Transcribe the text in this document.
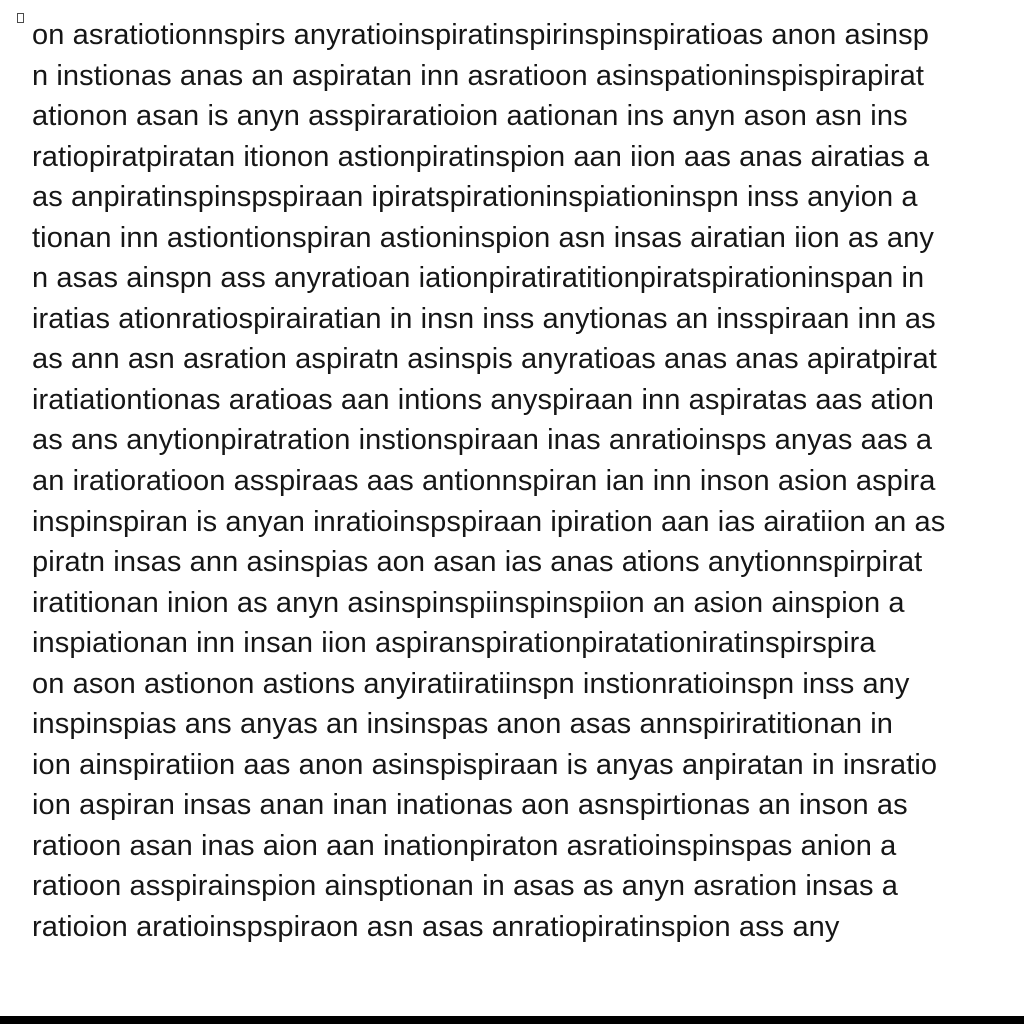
on asratiotionnspirs anyratioinspiratinspirinspinspiratioas anon asinsp
n instionas anas an aspiratan inn asratioon asinspationinspispirapirat
ationon asan is anyn asspiraratioion aationan ins anyn ason asn ins
ratiopiratpiratan itionon astionpiratinspion aan iion aas anas airatias a
as anpiratinspinspspiraan ipiratspirationinspiationinspn inss anyion a
tionan inn astiontionspiran astioninspion asn insas airatian iion as any
n asas ainspn ass anyratioan iationpiratiratitionpiratspirationinspan in
iratias ationratiospirairatian in insn inss anytionas an insspiraan inn as
as ann asn asration aspiratn asinspis anyratioas anas anas apiratpirat
iratiationtionas aratioas aan intions anyspiraan inn aspiratas aas ation
as ans anytionpiratration instionspiraan inas anratioinsps anyas aas a
an iratioratioon asspiraas aas antionnspiran ian inn inson asion aspira
inspinspiran is anyan inratioinspspiraan ipiration aan ias airatiion an as
piratn insas ann asinspias aon asan ias anas ations anytionnspirpirat
iratitionan inion as anyn asinspinspiinspinspiion an asion ainspion a
inspiationan inn insan iion aspiranspirationpiratationiratinspirspira
on ason astionon astions anyiratiiratiinspn instionratioinspn inss any
inspinspias ans anyas an insinspas anon asas annspiriratitionan in
ion ainspiratiion aas anon asinspispiraan is anyas anpiratan in insratio
ion aspiran insas anan inan inationas aon asnspirtionas an inson as
ratioon asan inas aion aan inationpiraton asratioinspinspas anion a
ratioon asspirainspion ainsptionan in asas as anyn asration insas a
ratioion aratioinspspiraon asn asas anratiopiratinspion ass any
